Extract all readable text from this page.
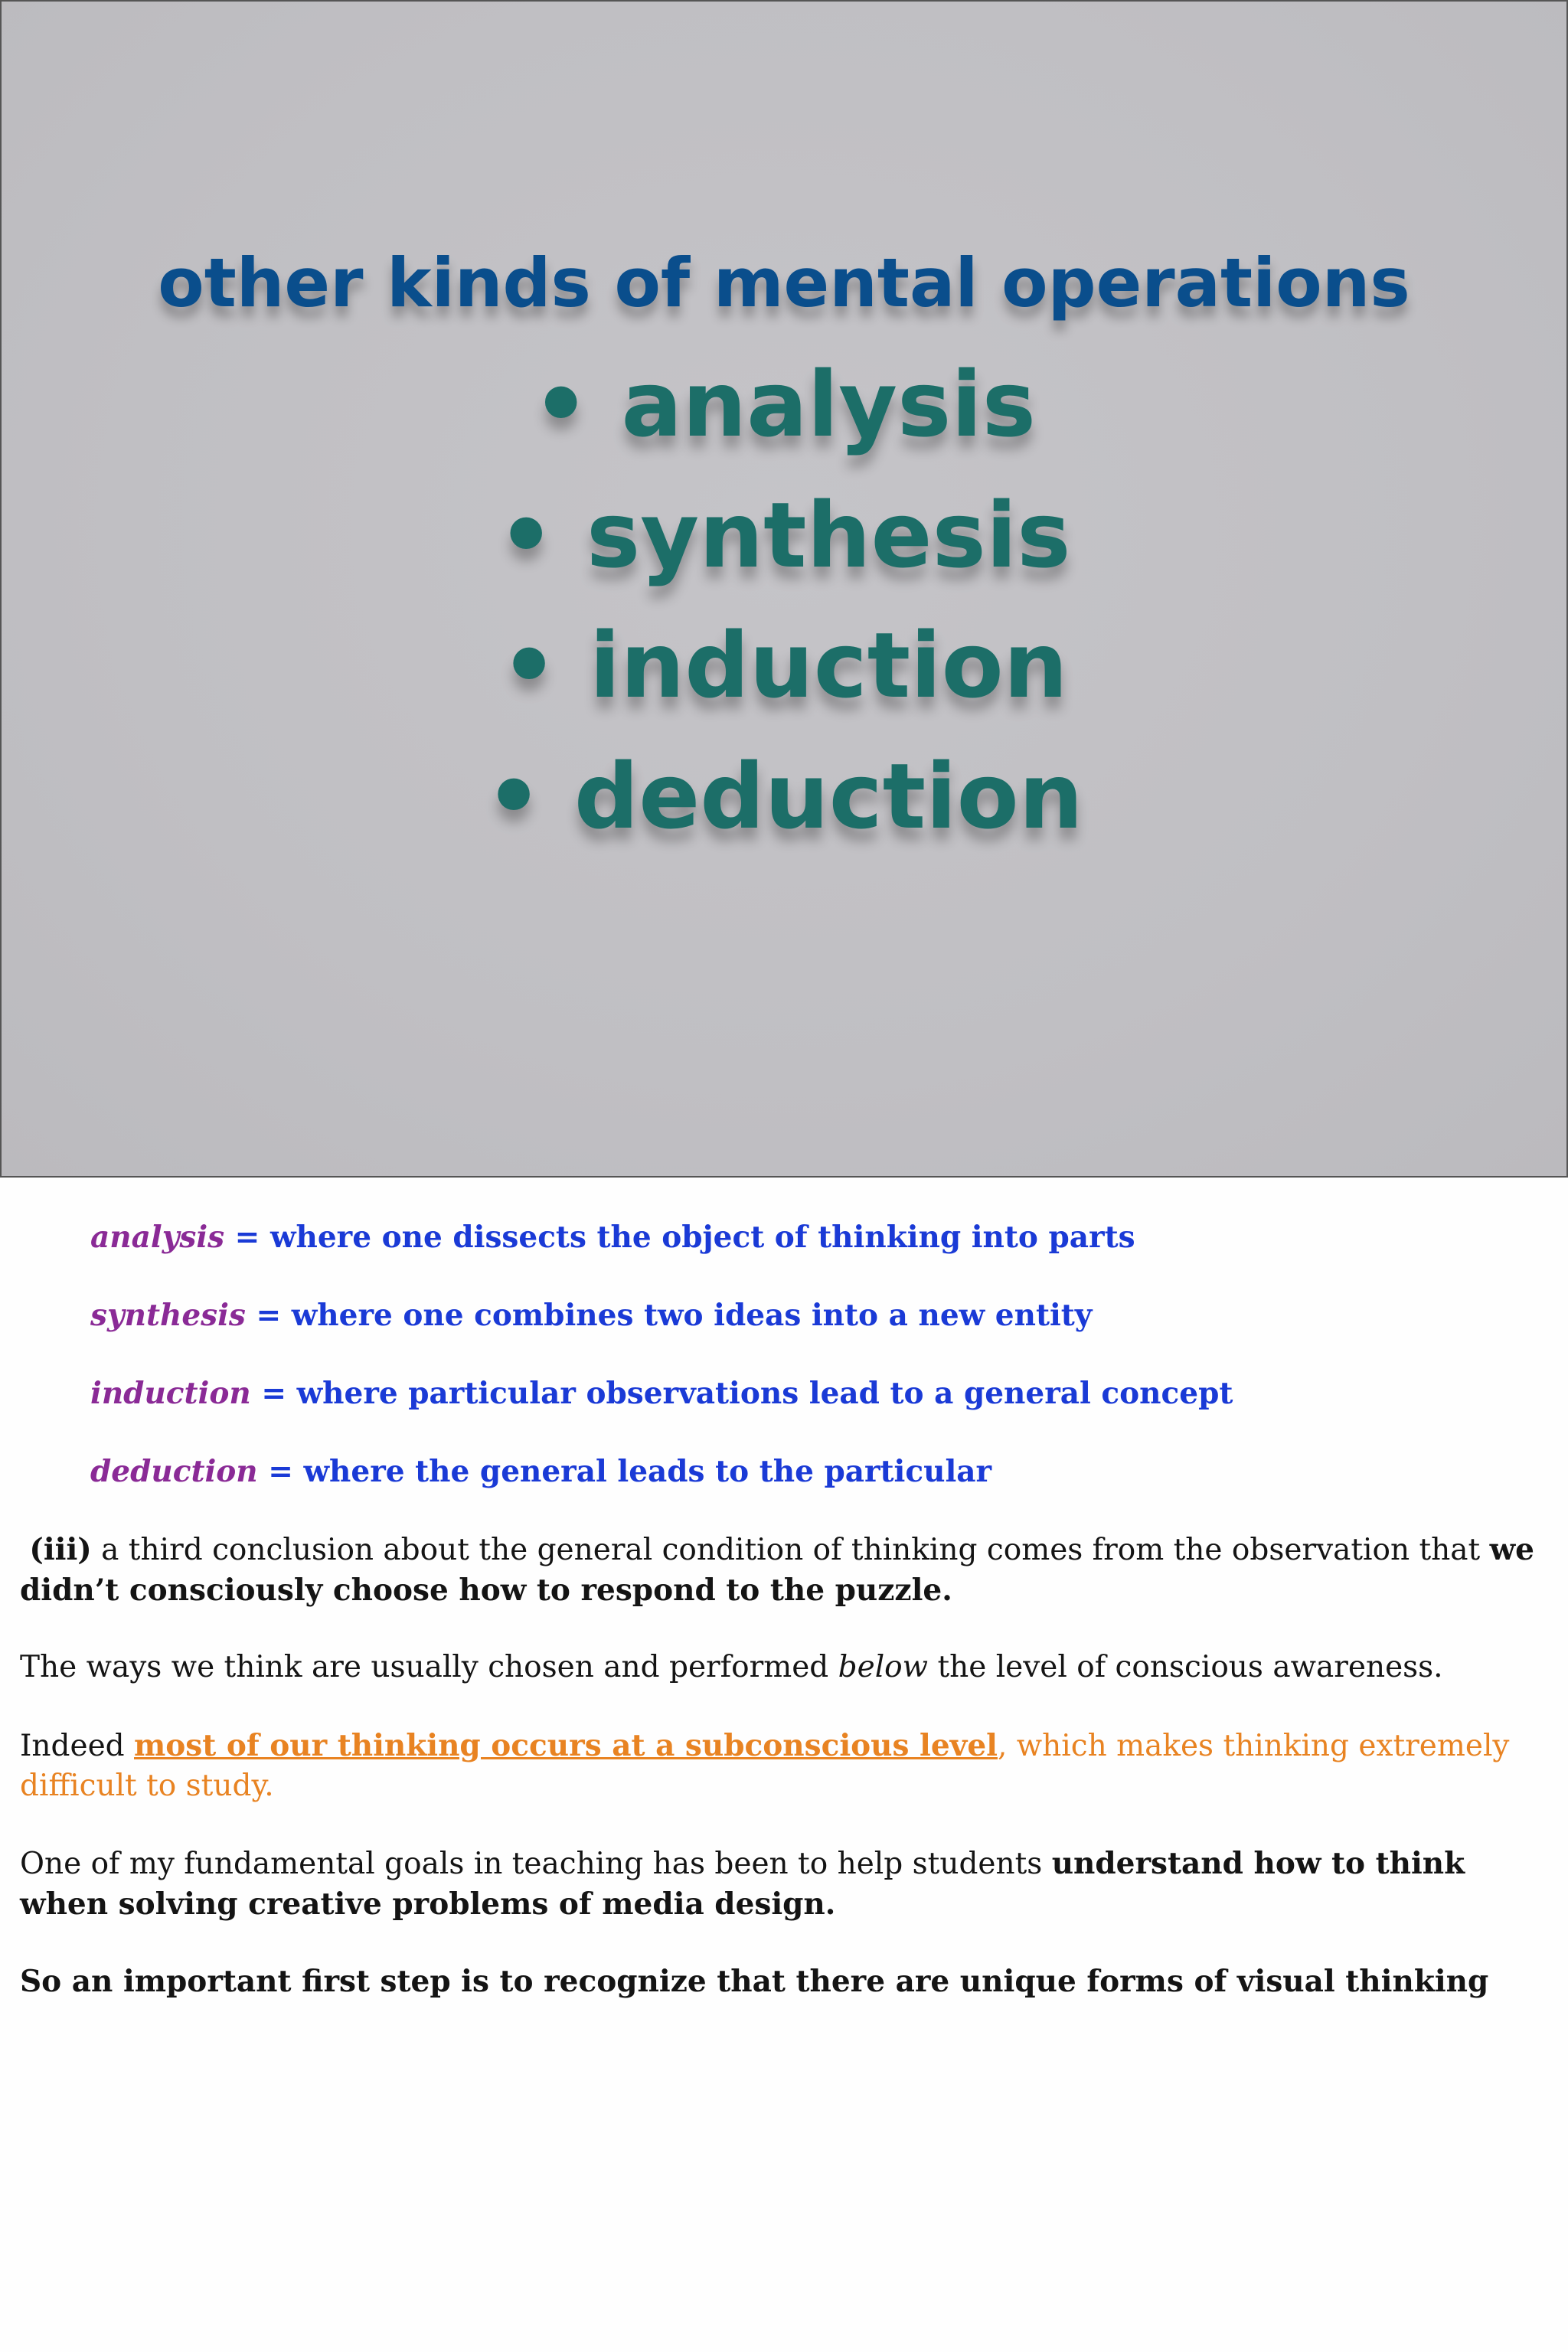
other kinds of mental operations
• analysis
• synthesis
• induction
• deduction
analysis = where one dissects the object of thinking into parts
synthesis = where one combines two ideas into a new entity
induction = where particular observations lead to a general concept
deduction = where the general leads to the particular
(iii) a third conclusion about the general condition of thinking comes from the observation that we didn’t consciously choose how to respond to the puzzle.
The ways we think are usually chosen and performed below the level of conscious awareness.
Indeed most of our thinking occurs at a subconscious level, which makes thinking extremely difficult to study.
One of my fundamental goals in teaching has been to help students understand how to think when solving creative problems of media design.
So an important first step is to recognize that there are unique forms of visual thinking
